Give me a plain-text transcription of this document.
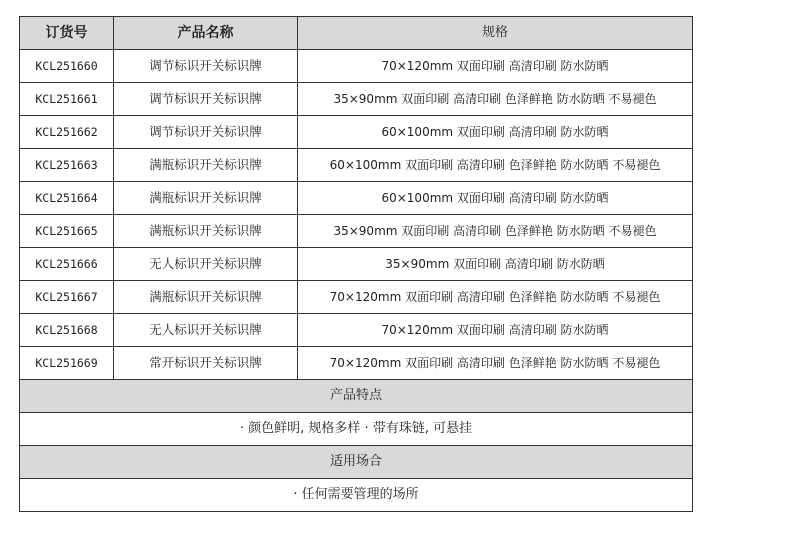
订货号	产品名称	规格
KCL251660	调节标识开关标识牌	70×120mm 双面印刷 高清印刷 防水防晒
KCL251661	调节标识开关标识牌	35×90mm 双面印刷 高清印刷 色泽鲜艳 防水防晒 不易褪色
KCL251662	调节标识开关标识牌	60×100mm 双面印刷 高清印刷 防水防晒
KCL251663	满瓶标识开关标识牌	60×100mm 双面印刷 高清印刷 色泽鲜艳 防水防晒 不易褪色
KCL251664	满瓶标识开关标识牌	60×100mm 双面印刷 高清印刷 防水防晒
KCL251665	满瓶标识开关标识牌	35×90mm 双面印刷 高清印刷 色泽鲜艳 防水防晒 不易褪色
KCL251666	无人标识开关标识牌	35×90mm 双面印刷 高清印刷 防水防晒
KCL251667	满瓶标识开关标识牌	70×120mm 双面印刷 高清印刷 色泽鲜艳 防水防晒 不易褪色
KCL251668	无人标识开关标识牌	70×120mm 双面印刷 高清印刷 防水防晒
KCL251669	常开标识开关标识牌	70×120mm 双面印刷 高清印刷 色泽鲜艳 防水防晒 不易褪色
产品特点		
· 颜色鲜明, 规格多样 · 带有珠链, 可悬挂		
适用场合		
· 任何需要管理的场所		
